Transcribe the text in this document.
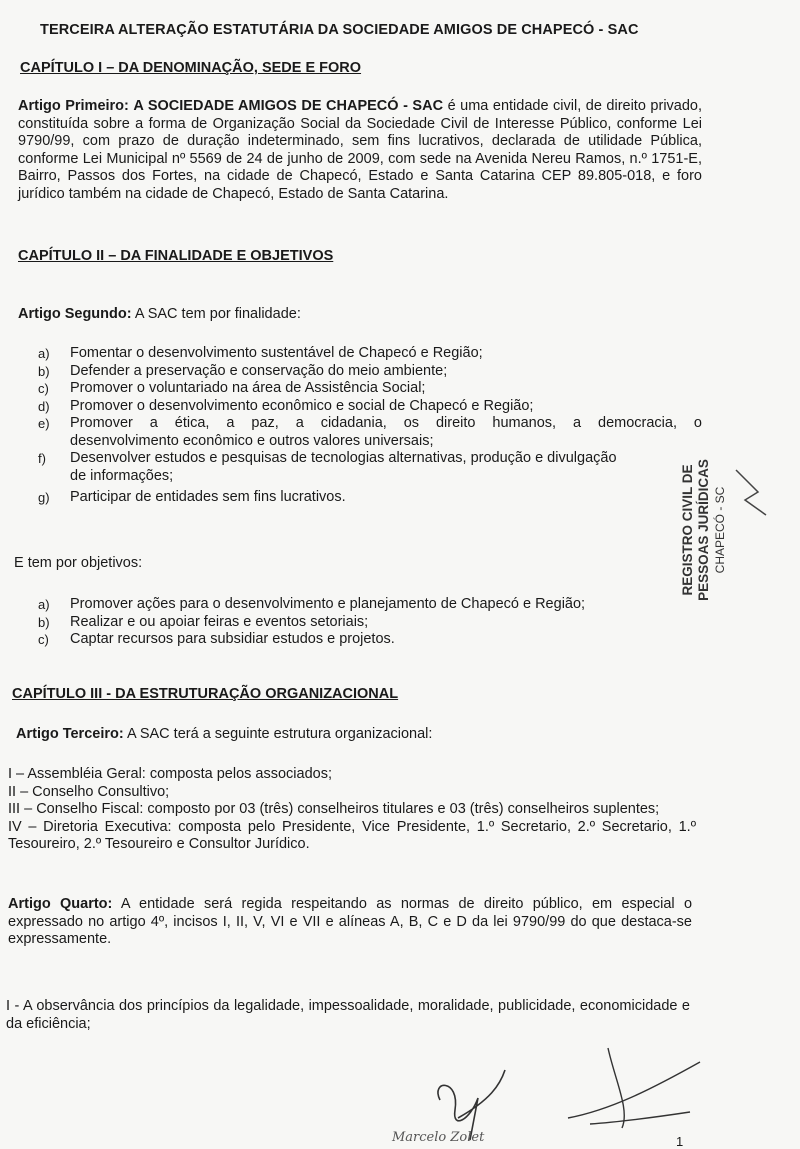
TERCEIRA ALTERAÇÃO ESTATUTÁRIA DA SOCIEDADE AMIGOS DE CHAPECÓ - SAC
CAPÍTULO I – DA DENOMINAÇÃO, SEDE E FORO
Artigo Primeiro: A SOCIEDADE AMIGOS DE CHAPECÓ - SAC é uma entidade civil, de direito privado, constituída sobre a forma de Organização Social da Sociedade Civil de Interesse Público, conforme Lei 9790/99, com prazo de duração indeterminado, sem fins lucrativos, declarada de utilidade Pública, conforme Lei Municipal nº 5569 de 24 de junho de 2009, com sede na Avenida Nereu Ramos, n.º 1751-E, Bairro, Passos dos Fortes, na cidade de Chapecó, Estado e Santa Catarina CEP 89.805-018, e foro jurídico também na cidade de Chapecó, Estado de Santa Catarina.
CAPÍTULO II – DA FINALIDADE E OBJETIVOS
Artigo Segundo: A SAC tem por finalidade:
a) Fomentar o desenvolvimento sustentável de Chapecó e Região;
b) Defender a preservação e conservação do meio ambiente;
c) Promover o voluntariado na área de Assistência Social;
d) Promover o desenvolvimento econômico e social de Chapecó e Região;
e) Promover a ética, a paz, a cidadania, os direito humanos, a democracia, o
desenvolvimento econômico e outros valores universais;
f) Desenvolver estudos e pesquisas de tecnologias alternativas, produção e divulgação
de informações;
g) Participar de entidades sem fins lucrativos.
E tem por objetivos:
a) Promover ações para o desenvolvimento e planejamento de Chapecó e Região;
b) Realizar e ou apoiar feiras e eventos setoriais;
c) Captar recursos para subsidiar estudos e projetos.
CAPÍTULO III - DA ESTRUTURAÇÃO ORGANIZACIONAL
Artigo Terceiro: A SAC terá a seguinte estrutura organizacional:
I – Assembléia Geral: composta pelos associados;
II – Conselho Consultivo;
III – Conselho Fiscal: composto por 03 (três) conselheiros titulares e 03 (três) conselheiros suplentes;
IV – Diretoria Executiva: composta pelo Presidente, Vice Presidente, 1.º Secretario, 2.º Secretario, 1.º Tesoureiro, 2.º Tesoureiro e Consultor Jurídico.
Artigo Quarto: A entidade será regida respeitando as normas de direito público, em especial o expressado no artigo 4º, incisos I, II, V, VI e VII e alíneas A, B, C e D da lei 9790/99 do que destaca-se expressamente.
I - A observância dos princípios da legalidade, impessoalidade, moralidade, publicidade, economicidade e da eficiência;
REGISTRO CIVIL DE PESSOAS JURÍDICAS CHAPECÓ - SC
Marcelo Zolet	1
